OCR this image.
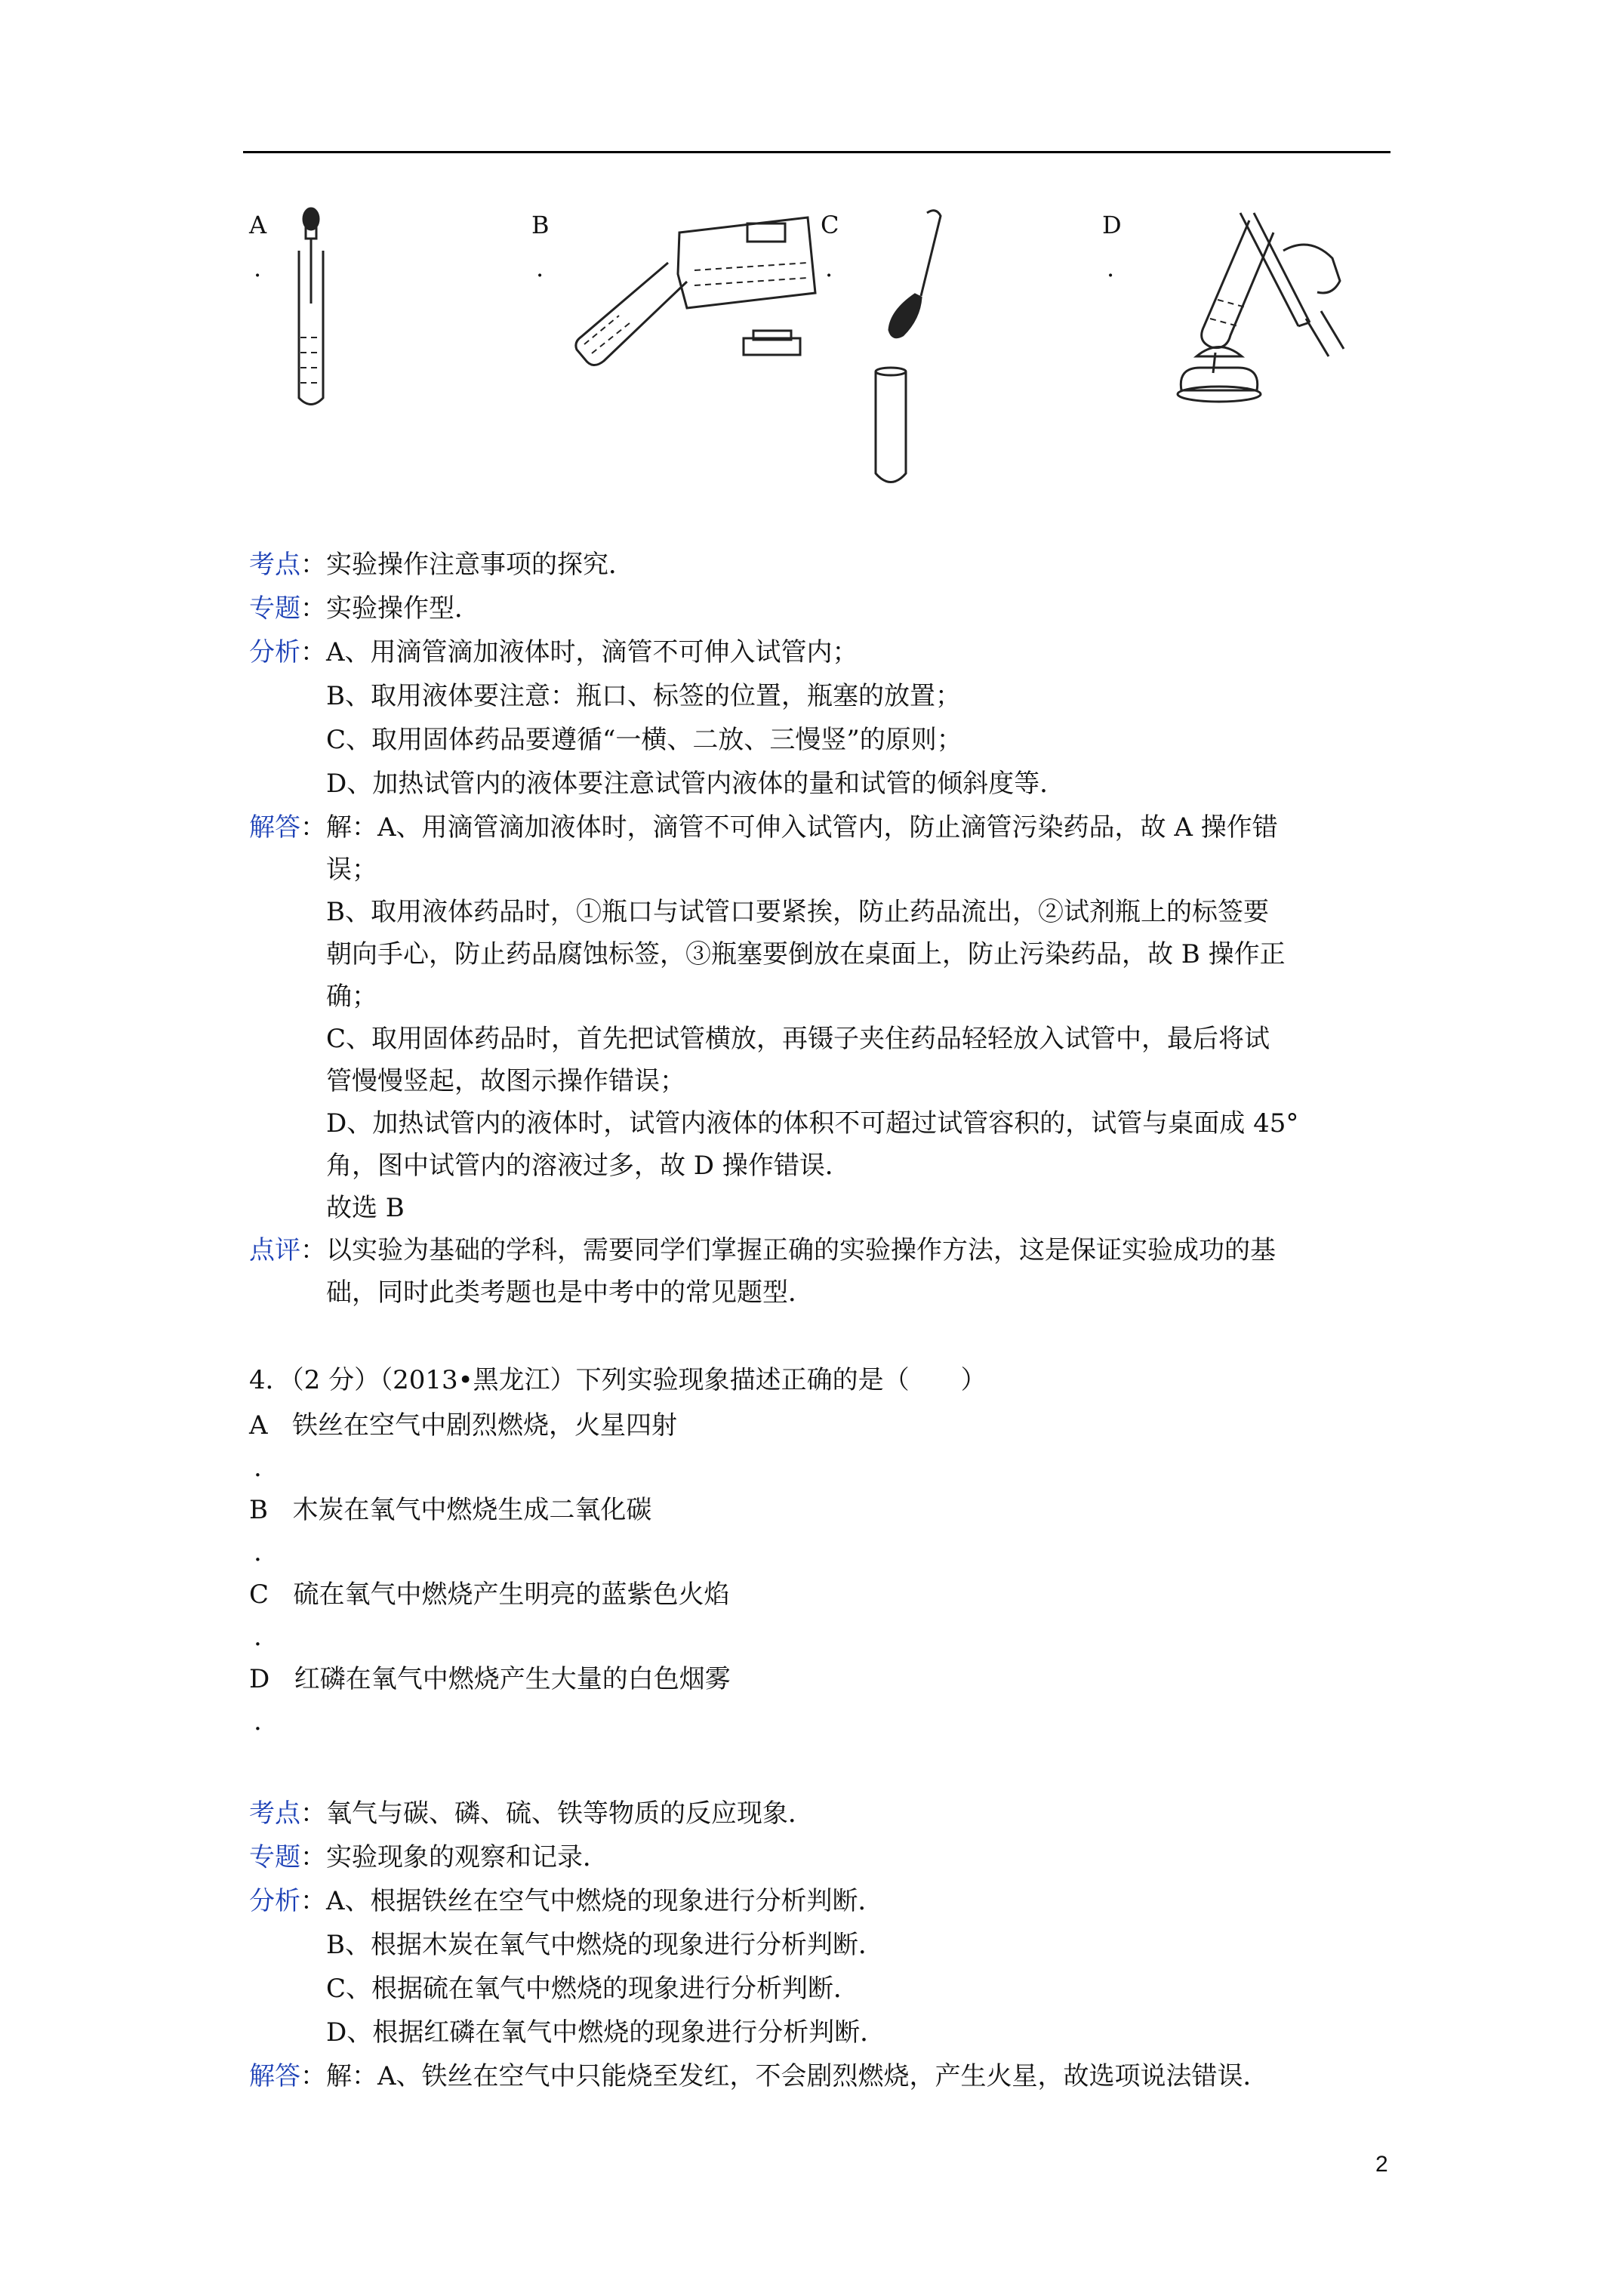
A
.
B
.
C
.
D
.
考点：实验操作注意事项的探究．
专题：实验操作型．
分析：A、用滴管滴加液体时，滴管不可伸入试管内；
B、取用液体要注意：瓶口、标签的位置，瓶塞的放置；
C、取用固体药品要遵循“一横、二放、三慢竖”的原则；
D、加热试管内的液体要注意试管内液体的量和试管的倾斜度等．
解答：解：A、用滴管滴加液体时，滴管不可伸入试管内，防止滴管污染药品，故 A 操作错
误；
B、取用液体药品时，①瓶口与试管口要紧挨，防止药品流出，②试剂瓶上的标签要
朝向手心，防止药品腐蚀标签，③瓶塞要倒放在桌面上，防止污染药品，故 B 操作正
确；
C、取用固体药品时，首先把试管横放，再镊子夹住药品轻轻放入试管中，最后将试
管慢慢竖起，故图示操作错误；
D、加热试管内的液体时，试管内液体的体积不可超过试管容积的，试管与桌面成 45°
角，图中试管内的溶液过多，故 D 操作错误．
故选 B
点评：以实验为基础的学科，需要同学们掌握正确的实验操作方法，这是保证实验成功的基
础，同时此类考题也是中考中的常见题型．
4．（2 分）（2013•黑龙江）下列实验现象描述正确的是（　　）
A 铁丝在空气中剧烈燃烧，火星四射
.
B 木炭在氧气中燃烧生成二氧化碳
.
C 硫在氧气中燃烧产生明亮的蓝紫色火焰
.
D 红磷在氧气中燃烧产生大量的白色烟雾
.
考点：氧气与碳、磷、硫、铁等物质的反应现象．
专题：实验现象的观察和记录．
分析：A、根据铁丝在空气中燃烧的现象进行分析判断．
B、根据木炭在氧气中燃烧的现象进行分析判断．
C、根据硫在氧气中燃烧的现象进行分析判断．
D、根据红磷在氧气中燃烧的现象进行分析判断．
解答：解：A、铁丝在空气中只能烧至发红，不会剧烈燃烧，产生火星，故选项说法错误．
2
